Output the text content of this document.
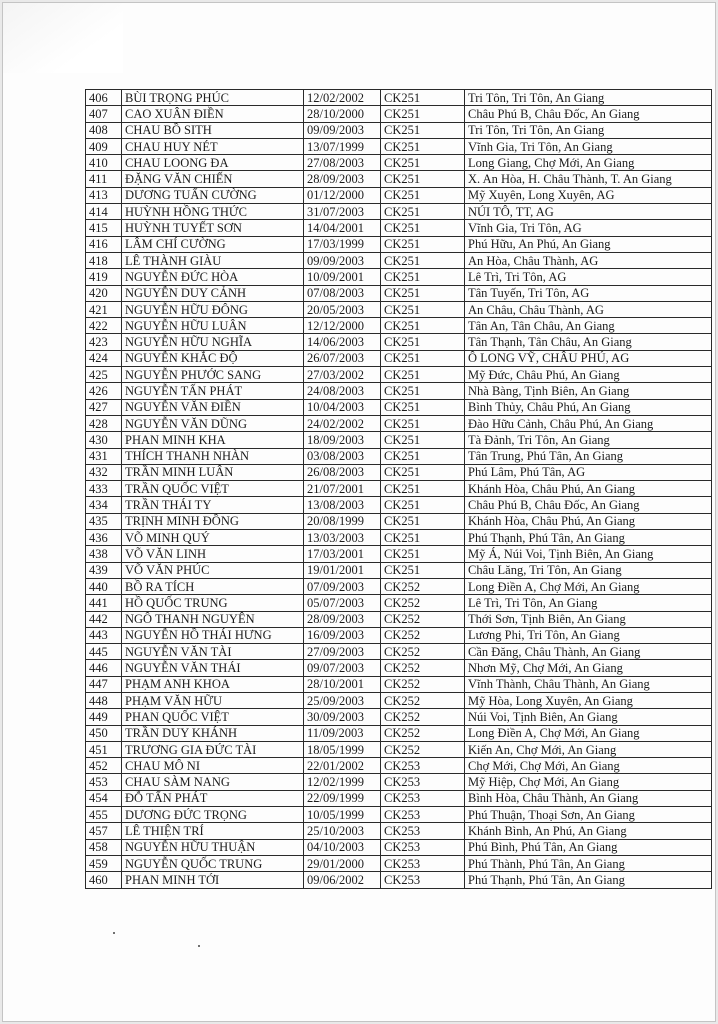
406	BÙI TRỌNG PHÚC	12/02/2002	CK251	Tri Tôn, Tri Tôn, An Giang
407	CAO XUÂN ĐIỀN	28/10/2000	CK251	Châu Phú B, Châu Đốc, An Giang
408	CHAU BỒ SITH	09/09/2003	CK251	Tri Tôn, Tri Tôn, An Giang
409	CHAU HUY NÉT	13/07/1999	CK251	Vĩnh Gia, Tri Tôn, An Giang
410	CHAU LOONG ĐA	27/08/2003	CK251	Long Giang, Chợ Mới, An Giang
411	ĐẶNG VĂN CHIẾN	28/09/2003	CK251	X. An Hòa, H. Châu Thành, T. An Giang
413	DƯƠNG TUẤN CƯỜNG	01/12/2000	CK251	Mỹ Xuyên, Long Xuyên, AG
414	HUỲNH HỒNG THỨC	31/07/2003	CK251	NÚI TÔ, TT, AG
415	HUỲNH TUYẾT SƠN	14/04/2001	CK251	Vĩnh Gia, Tri Tôn, AG
416	LÂM CHÍ CƯỜNG	17/03/1999	CK251	Phú Hữu, An Phú, An Giang
418	LÊ THÀNH GIÀU	09/09/2003	CK251	An Hòa, Châu Thành, AG
419	NGUYỄN ĐỨC HÒA	10/09/2001	CK251	Lê Trì, Tri Tôn, AG
420	NGUYỄN DUY CẢNH	07/08/2003	CK251	Tân Tuyến, Tri Tôn, AG
421	NGUYỄN HỮU ĐÔNG	20/05/2003	CK251	An Châu, Châu Thành, AG
422	NGUYỄN HỮU LUÂN	12/12/2000	CK251	Tân An, Tân Châu, An Giang
423	NGUYỄN HỮU NGHĨA	14/06/2003	CK251	Tân Thạnh, Tân Châu, An Giang
424	NGUYỄN KHẮC ĐỘ	26/07/2003	CK251	Ô LONG VỸ, CHÂU PHÚ, AG
425	NGUYỄN PHƯỚC SANG	27/03/2002	CK251	Mỹ Đức, Châu Phú, An Giang
426	NGUYỄN TẤN PHÁT	24/08/2003	CK251	Nhà Bàng, Tịnh Biên, An Giang
427	NGUYỄN VĂN ĐIỀN	10/04/2003	CK251	Bình Thủy, Châu Phú, An Giang
428	NGUYỄN VĂN DŨNG	24/02/2002	CK251	Đào Hữu Cảnh, Châu Phú, An Giang
430	PHAN MINH KHA	18/09/2003	CK251	Tà Đảnh, Tri Tôn, An Giang
431	THÍCH THANH NHÀN	03/08/2003	CK251	Tân Trung, Phú Tân, An Giang
432	TRẦN MINH LUÂN	26/08/2003	CK251	Phú Lâm, Phú Tân, AG
433	TRẦN QUỐC VIỆT	21/07/2001	CK251	Khánh Hòa, Châu Phú, An Giang
434	TRẦN THÁI TY	13/08/2003	CK251	Châu Phú B, Châu Đốc, An Giang
435	TRỊNH MINH ĐỒNG	20/08/1999	CK251	Khánh Hòa, Châu Phú, An Giang
436	VÕ MINH QUÝ	13/03/2003	CK251	Phú Thạnh, Phú Tân, An Giang
438	VÕ VĂN LINH	17/03/2001	CK251	Mỹ Á, Núi Voi, Tịnh Biên, An Giang
439	VÕ VĂN PHÚC	19/01/2001	CK251	Châu Lăng, Tri Tôn, An Giang
440	BỒ RA TÍCH	07/09/2003	CK252	Long Điền A, Chợ Mới, An Giang
441	HỒ QUỐC TRUNG	05/07/2003	CK252	Lê Trì, Tri Tôn, An Giang
442	NGÔ THANH NGUYÊN	28/09/2003	CK252	Thới Sơn, Tịnh Biên, An Giang
443	NGUYỄN HỒ THÁI HƯNG	16/09/2003	CK252	Lương Phi, Tri Tôn, An Giang
445	NGUYỄN VĂN TÀI	27/09/2003	CK252	Cần Đăng, Châu Thành, An Giang
446	NGUYỄN VĂN THÁI	09/07/2003	CK252	Nhơn Mỹ, Chợ Mới, An Giang
447	PHẠM ANH KHOA	28/10/2001	CK252	Vĩnh Thành, Châu Thành, An Giang
448	PHẠM VĂN HỮU	25/09/2003	CK252	Mỹ Hòa, Long Xuyên, An Giang
449	PHAN QUỐC VIỆT	30/09/2003	CK252	Núi Voi, Tịnh Biên, An Giang
450	TRẦN DUY KHÁNH	11/09/2003	CK252	Long Điền A, Chợ Mới, An Giang
451	TRƯƠNG GIA ĐỨC TÀI	18/05/1999	CK252	Kiến An, Chợ Mới, An Giang
452	CHAU MÔ NI	22/01/2002	CK253	Chợ Mới, Chợ Mới, An Giang
453	CHAU SÀM NANG	12/02/1999	CK253	Mỹ Hiệp, Chợ Mới, An Giang
454	ĐỖ TẤN PHÁT	22/09/1999	CK253	Bình Hòa, Châu Thành, An Giang
455	DƯƠNG ĐỨC TRỌNG	10/05/1999	CK253	Phú Thuận, Thoại Sơn, An Giang
457	LÊ THIỆN TRÍ	25/10/2003	CK253	Khánh Bình, An Phú, An Giang
458	NGUYỄN HỮU THUẬN	04/10/2003	CK253	Phú Bình, Phú Tân, An Giang
459	NGUYỄN QUỐC TRUNG	29/01/2000	CK253	Phú Thành, Phú Tân, An Giang
460	PHAN MINH TỚI	09/06/2002	CK253	Phú Thạnh, Phú Tân, An Giang
